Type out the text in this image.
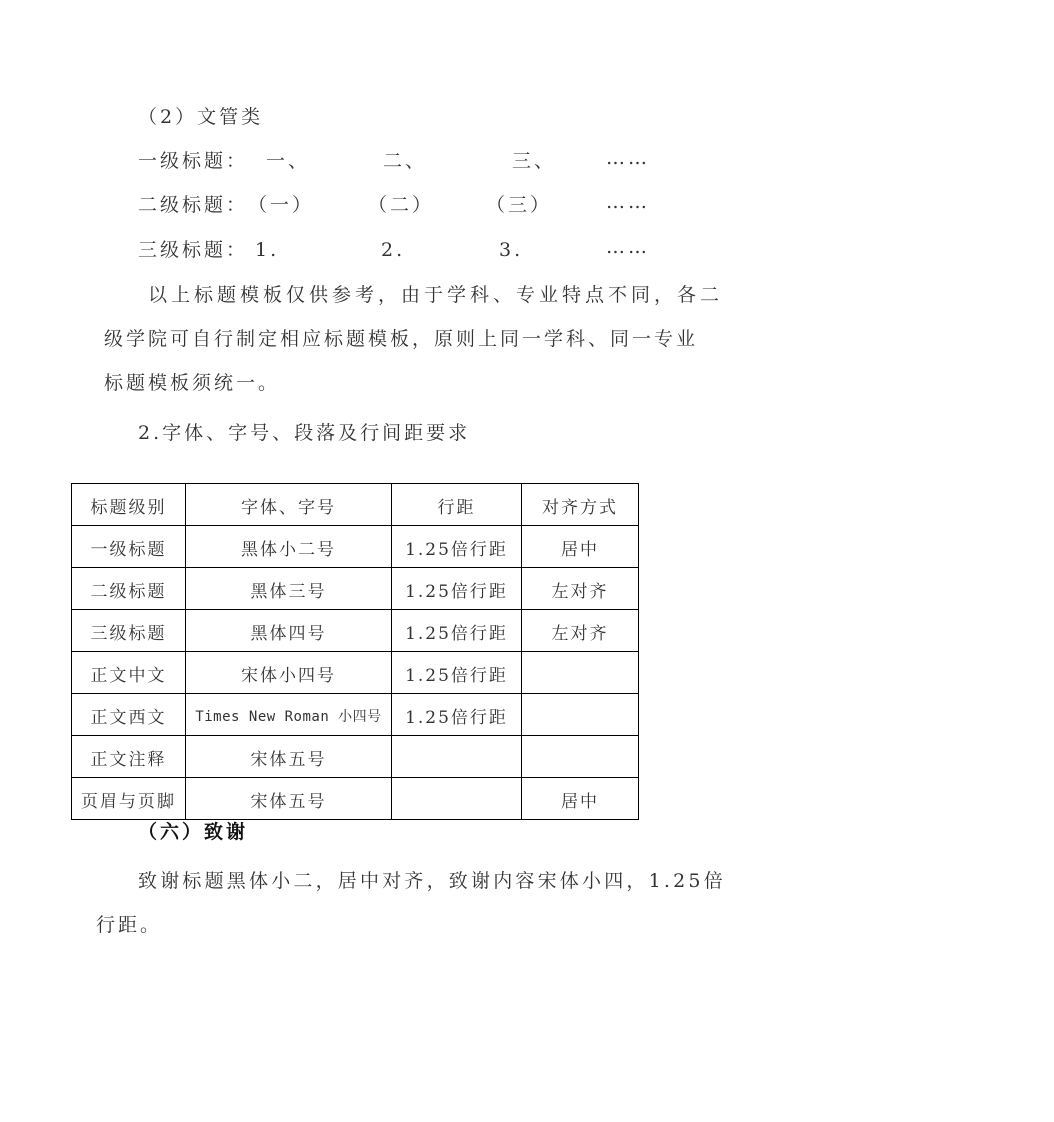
（2）文管类
一级标题： 一、	二、	三、	……
二级标题： （一）	（二）	（三）	……
三级标题： 1.	2.	3.	……
以上标题模板仅供参考，由于学科、专业特点不同，各二
级学院可自行制定相应标题模板，原则上同一学科、同一专业
标题模板须统一。
2.字体、字号、段落及行间距要求
标题级别	字体、字号	行距	对齐方式
一级标题	黑体小二号	1.25倍行距	居中
二级标题	黑体三号	1.25倍行距	左对齐
三级标题	黑体四号	1.25倍行距	左对齐
正文中文	宋体小四号	1.25倍行距	
正文西文	Times New Roman 小四号	1.25倍行距	
正文注释	宋体五号		
页眉与页脚	宋体五号		居中
（六）致谢
致谢标题黑体小二，居中对齐，致谢内容宋体小四，1.25倍
行距。
